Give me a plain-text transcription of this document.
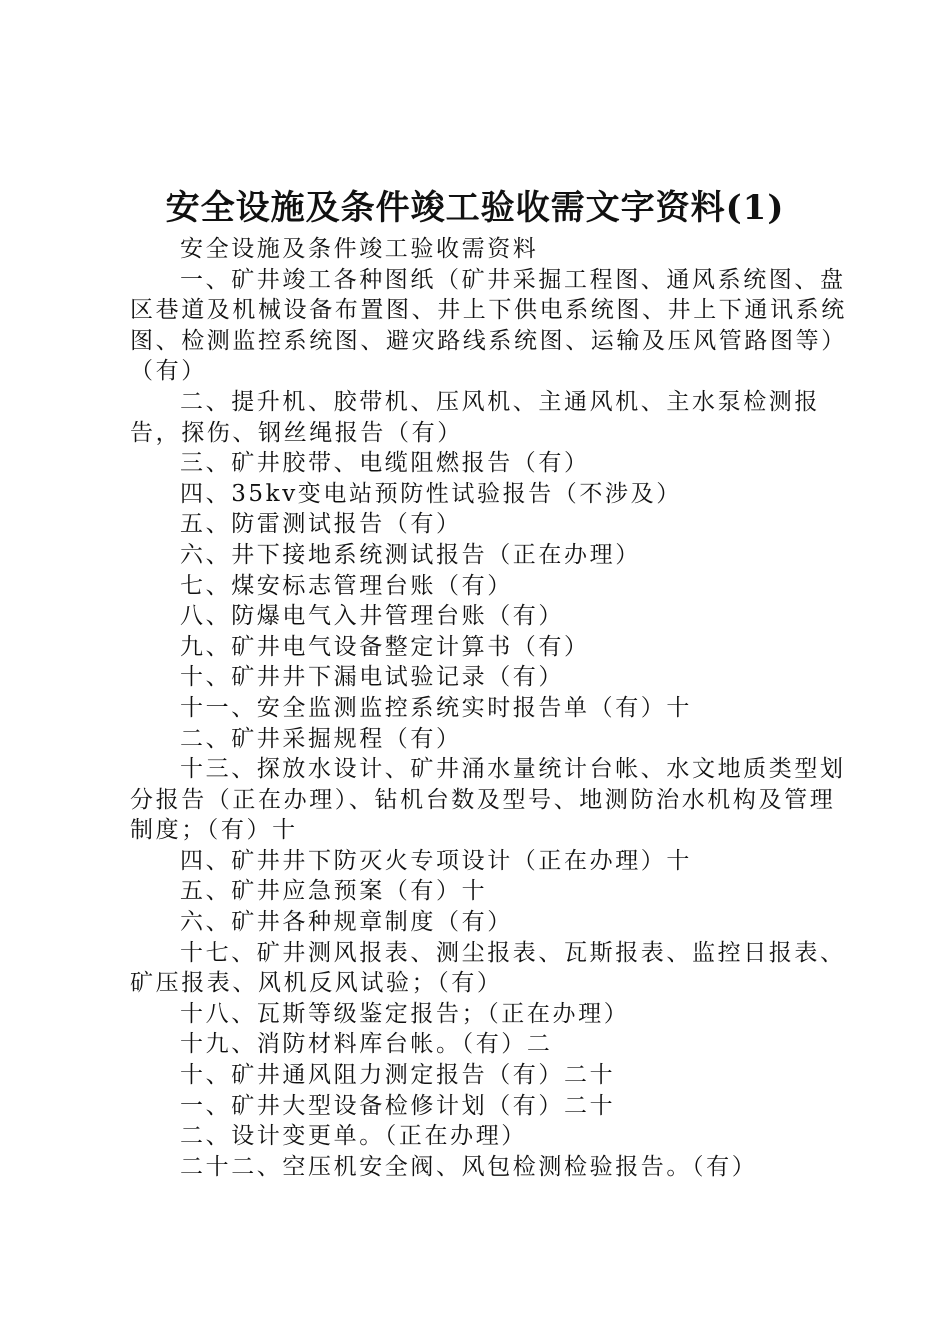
安全设施及条件竣工验收需文字资料(1)

安全设施及条件竣工验收需资料

一、矿井竣工各种图纸（矿井采掘工程图、通风系统图、盘区巷道及机械设备布置图、井上下供电系统图、井上下通讯系统图、检测监控系统图、避灾路线系统图、运输及压风管路图等）（有）

二、提升机、胶带机、压风机、主通风机、主水泵检测报告，探伤、钢丝绳报告（有）

三、矿井胶带、电缆阻燃报告（有）

四、35kv变电站预防性试验报告（不涉及）

五、防雷测试报告（有）

六、井下接地系统测试报告（正在办理）

七、煤安标志管理台账（有）

八、防爆电气入井管理台账（有）

九、矿井电气设备整定计算书（有）

十、矿井井下漏电试验记录（有）

十一、安全监测监控系统实时报告单（有）十

二、矿井采掘规程（有）

十三、探放水设计、矿井涌水量统计台帐、水文地质类型划分报告（正在办理）、钻机台数及型号、地测防治水机构及管理制度；（有）十

四、矿井井下防灭火专项设计（正在办理）十

五、矿井应急预案（有）十

六、矿井各种规章制度（有）

十七、矿井测风报表、测尘报表、瓦斯报表、监控日报表、矿压报表、风机反风试验；（有）

十八、瓦斯等级鉴定报告；（正在办理）

十九、消防材料库台帐。（有）二

十、矿井通风阻力测定报告（有）二十

一、矿井大型设备检修计划（有）二十

二、设计变更单。（正在办理）

二十二、空压机安全阀、风包检测检验报告。（有）
